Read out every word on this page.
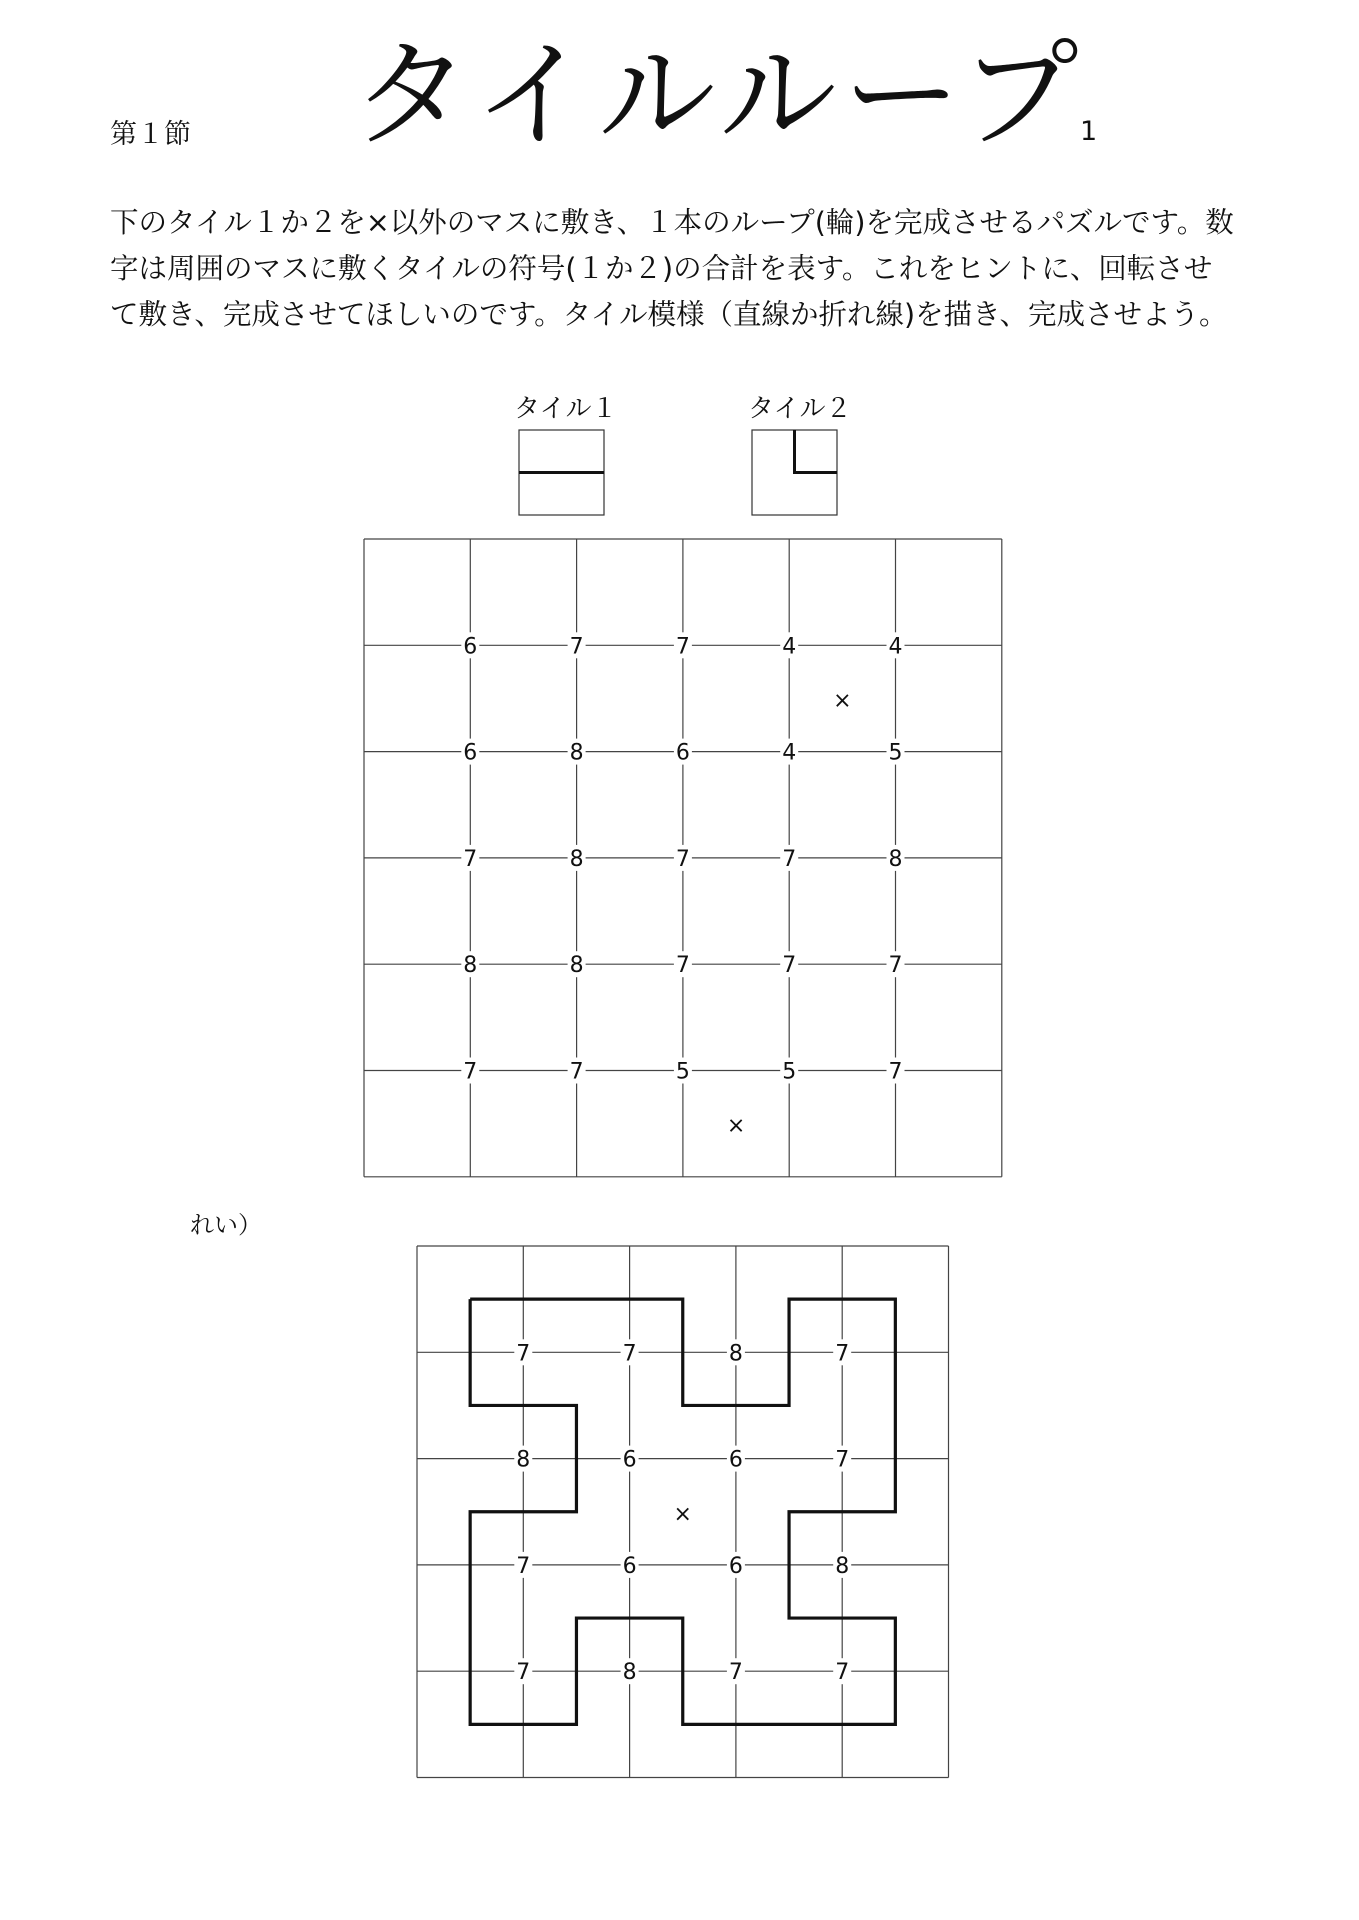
第１節 タイルループ
1
下のタイル１か２を×以外のマスに敷き、１本のループ(輪)を完成させるパズルです。数
字は周囲のマスに敷くタイルの符号(１か２)の合計を表す。これをヒントに、回転させ
て敷き、完成させてほしいのです。タイル模様（直線か折れ線)を描き、完成させよう。
タイル１	タイル２
6	7	7	4	4
6	8	6	4	5
7	8	7	7	8
8	8	7	7	7
7	7	5	5	7
×
×
7	7	8	7
8	6	6	7
7	6	6	8
7	8	7	7
×
れい）
